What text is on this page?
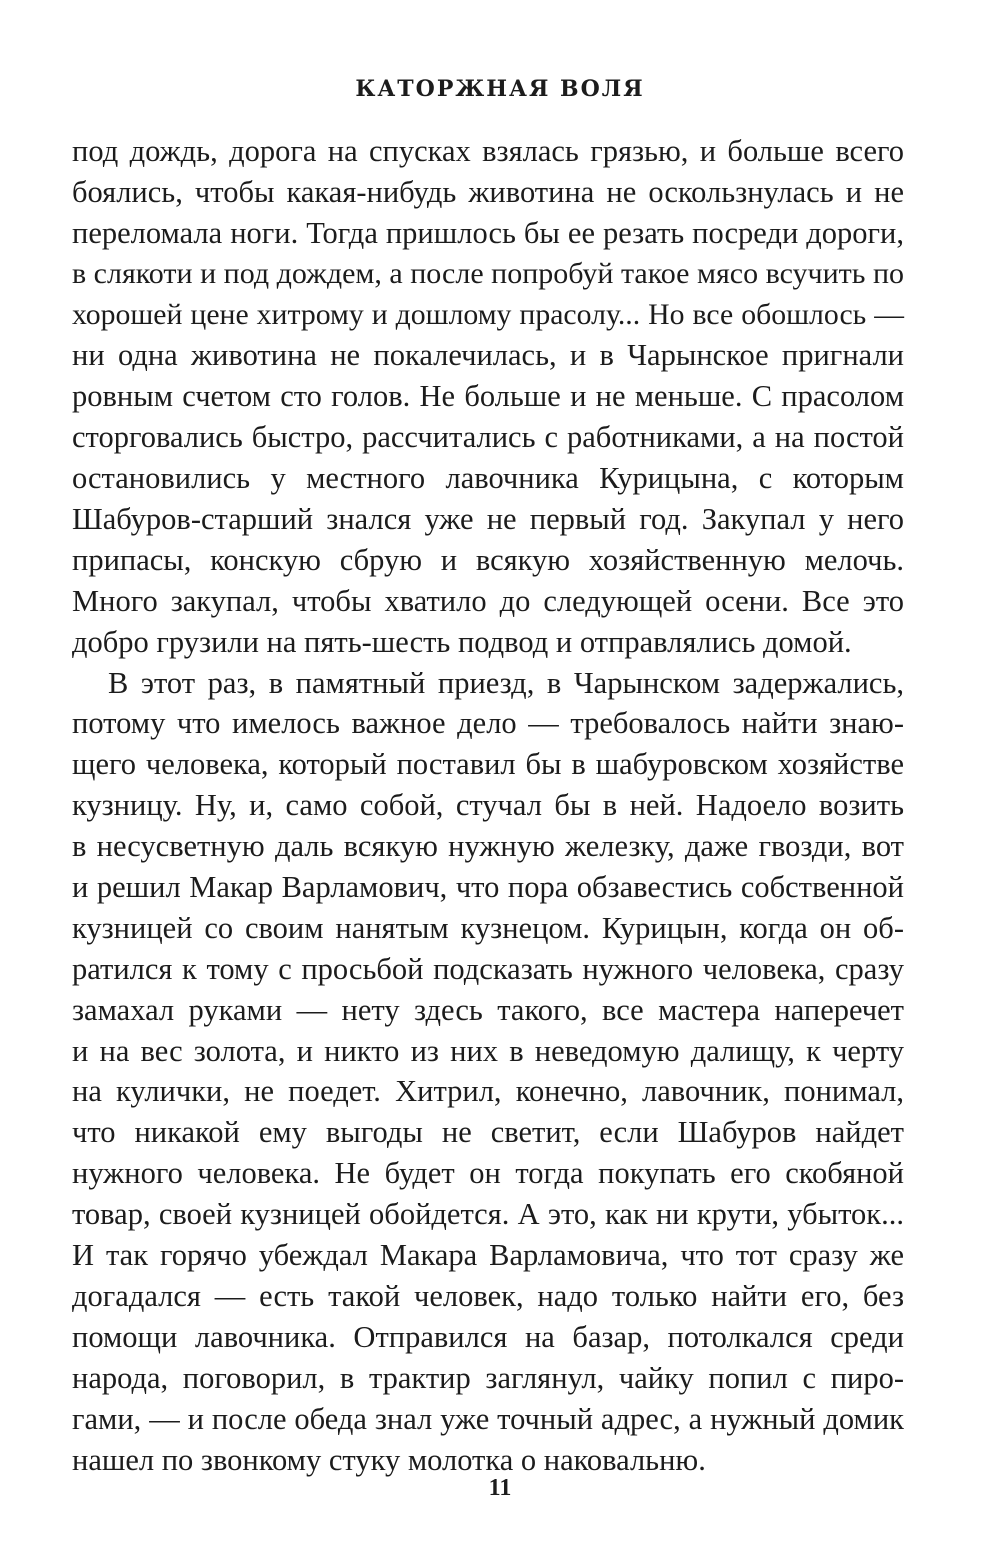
КАТОРЖНАЯ ВОЛЯ
под дождь, дорога на спусках взялась грязью, и больше всего
боялись, чтобы какая-нибудь животина не оскользнулась и не
переломала ноги. Тогда пришлось бы ее резать посреди дороги,
в слякоти и под дождем, а после попробуй такое мясо всучить по
хорошей цене хитрому и дошлому прасолу... Но все обошлось —
ни одна животина не покалечилась, и в Чарынское пригнали
ровным счетом сто голов. Не больше и не меньше. С прасолом
сторговались быстро, рассчитались с работниками, а на постой
остановились у местного лавочника Курицына, с которым
Шабуров-старший знался уже не первый год. Закупал у него
припасы, конскую сбрую и всякую хозяйственную мелочь.
Много закупал, чтобы хватило до следующей осени. Все это
добро грузили на пять-шесть подвод и отправлялись домой.
В этот раз, в памятный приезд, в Чарынском задержались,
потому что имелось важное дело — требовалось найти знаю-
щего человека, который поставил бы в шабуровском хозяйстве
кузницу. Ну, и, само собой, стучал бы в ней. Надоело возить
в несусветную даль всякую нужную железку, даже гвозди, вот
и решил Макар Варламович, что пора обзавестись собственной
кузницей со своим нанятым кузнецом. Курицын, когда он об-
ратился к тому с просьбой подсказать нужного человека, сразу
замахал руками — нету здесь такого, все мастера наперечет
и на вес золота, и никто из них в неведомую далищу, к черту
на кулички, не поедет. Хитрил, конечно, лавочник, понимал,
что никакой ему выгоды не светит, если Шабуров найдет
нужного человека. Не будет он тогда покупать его скобяной
товар, своей кузницей обойдется. А это, как ни крути, убыток...
И так горячо убеждал Макара Варламовича, что тот сразу же
догадался — есть такой человек, надо только найти его, без
помощи лавочника. Отправился на базар, потолкался среди
народа, поговорил, в трактир заглянул, чайку попил с пиро-
гами, — и после обеда знал уже точный адрес, а нужный домик
нашел по звонкому стуку молотка о наковальню.
11
